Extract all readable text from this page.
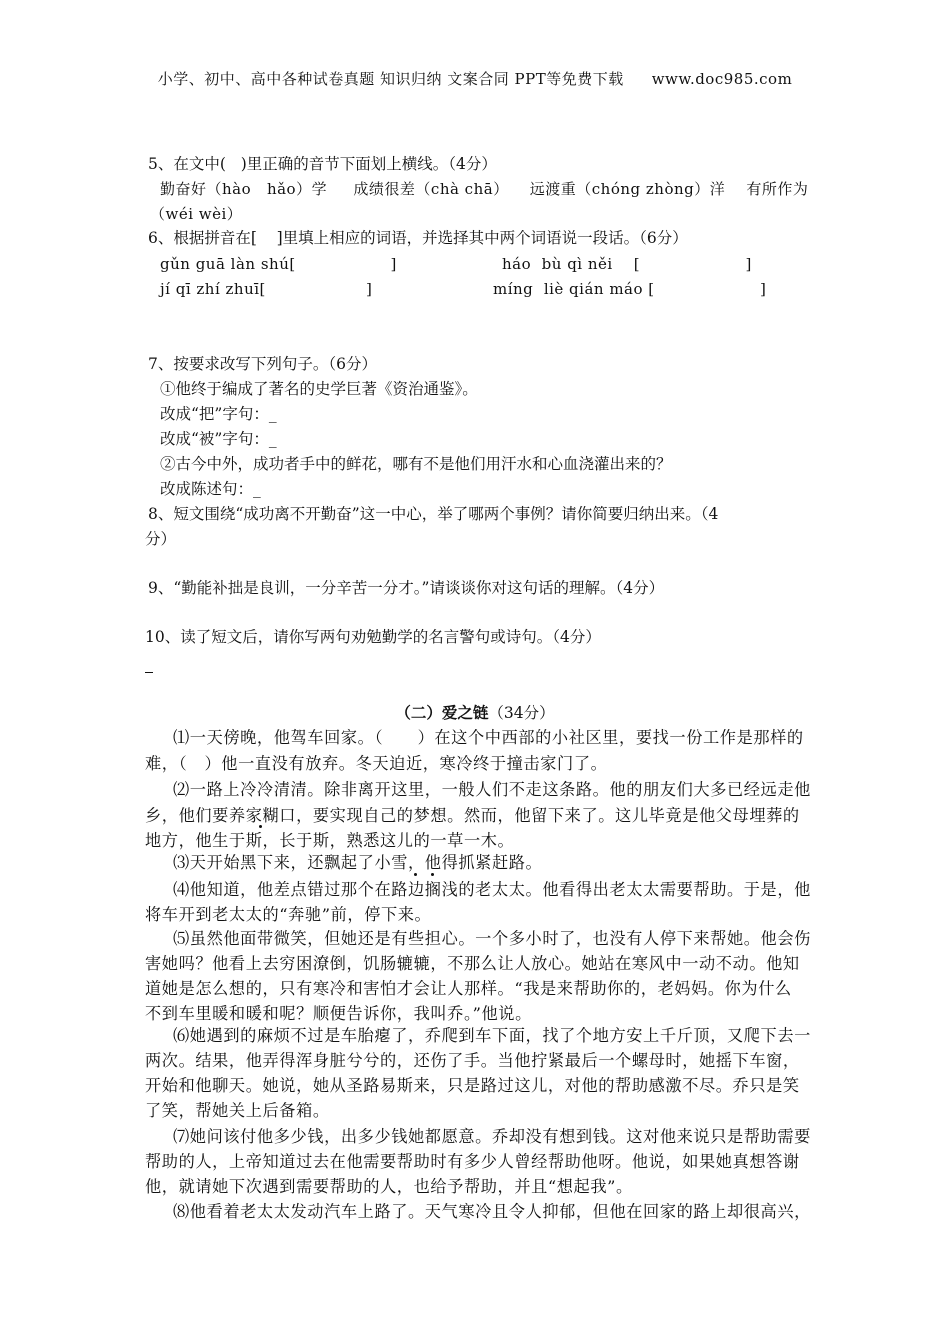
小学、初中、高中各种试卷真题 知识归纳 文案合同 PPT等免费下载 www.doc985.com
5、在文中(   )里正确的音节下面划上横线。（4分）
勤奋好（hào   hǎo）学     成绩很差（chà chā）    远渡重（chóng zhòng）洋    有所作为
（wéi wèi）
6、根据拼音在[    ]里填上相应的词语，并选择其中两个词语说一段话。（6分）
gǔn guā làn shú[                  ]	háo  bù qì něi    [                    ]
jí qī zhí zhuī[                   ]	míng  liè qián máo [                    ]
7、按要求改写下列句子。（6分）
①他终于编成了著名的史学巨著《资治通鉴》。
改成“把”字句：_
改成“被”字句：_
②古今中外，成功者手中的鲜花，哪有不是他们用汗水和心血浇灌出来的？
改成陈述句：_
8、短文围绕“成功离不开勤奋”这一中心，举了哪两个事例？请你简要归纳出来。（4
分）
9、“勤能补拙是良训，一分辛苦一分才。”请谈谈你对这句话的理解。（4分）
10、读了短文后，请你写两句劝勉勤学的名言警句或诗句。（4分）
（二）爱之链（34分）
⑴一天傍晚，他驾车回家。（      ）在这个中西部的小社区里，要找一份工作是那样的
难，（   ）他一直没有放弃。冬天迫近，寒冷终于撞击家门了。
⑵一路上冷冷清清。除非离开这里，一般人们不走这条路。他的朋友们大多已经远走他
乡，他们要养家糊口，要实现自己的梦想。然而，他留下来了。这儿毕竟是他父母埋葬的
地方，他生于斯，长于斯，熟悉这儿的一草一木。
⑶天开始黑下来，还飘起了小雪，他得抓紧赶路。
⑷他知道，他差点错过那个在路边搁浅的老太太。他看得出老太太需要帮助。于是，他
将车开到老太太的“奔驰”前，停下来。
⑸虽然他面带微笑，但她还是有些担心。一个多小时了，也没有人停下来帮她。他会伤
害她吗？他看上去穷困潦倒，饥肠辘辘，不那么让人放心。她站在寒风中一动不动。他知
道她是怎么想的，只有寒冷和害怕才会让人那样。“我是来帮助你的，老妈妈。你为什么
不到车里暖和暖和呢？顺便告诉你，我叫乔。”他说。
⑹她遇到的麻烦不过是车胎瘪了，乔爬到车下面，找了个地方安上千斤顶，又爬下去一
两次。结果，他弄得浑身脏兮兮的，还伤了手。当他拧紧最后一个螺母时，她摇下车窗，
开始和他聊天。她说，她从圣路易斯来，只是路过这儿，对他的帮助感激不尽。乔只是笑
了笑，帮她关上后备箱。
⑺她问该付他多少钱，出多少钱她都愿意。乔却没有想到钱。这对他来说只是帮助需要
帮助的人，上帝知道过去在他需要帮助时有多少人曾经帮助他呀。他说，如果她真想答谢
他，就请她下次遇到需要帮助的人，也给予帮助，并且“想起我”。
⑻他看着老太太发动汽车上路了。天气寒冷且令人抑郁，但他在回家的路上却很高兴，
